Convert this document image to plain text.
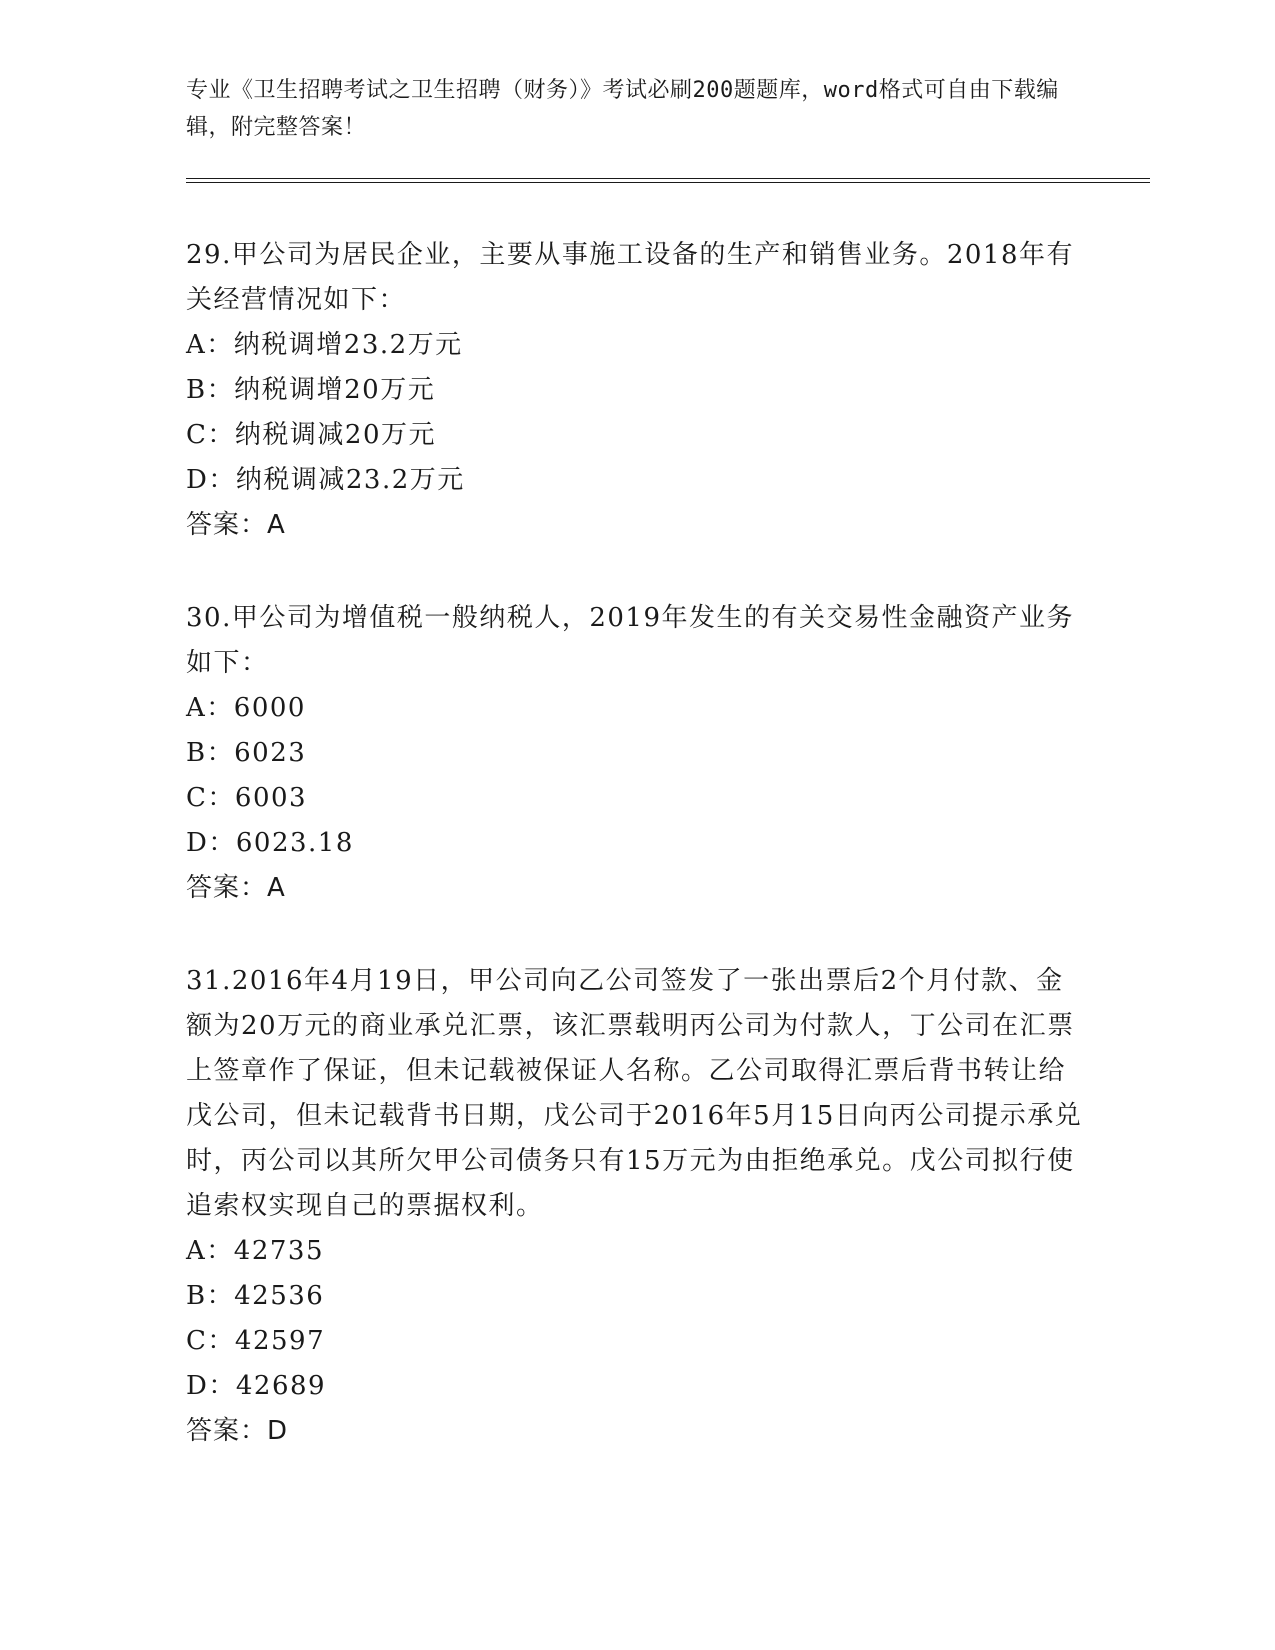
专业《卫生招聘考试之卫生招聘（财务）》考试必刷200题题库，word格式可自由下载编辑，附完整答案！

29.甲公司为居民企业，主要从事施工设备的生产和销售业务。2018年有关经营情况如下：

A：纳税调增23.2万元

B：纳税调增20万元

C：纳税调减20万元

D：纳税调减23.2万元

答案：A

30.甲公司为增值税一般纳税人，2019年发生的有关交易性金融资产业务如下：

A：6000

B：6023

C：6003

D：6023.18

答案：A

31.2016年4月19日，甲公司向乙公司签发了一张出票后2个月付款、金额为20万元的商业承兑汇票，该汇票载明丙公司为付款人，丁公司在汇票上签章作了保证，但未记载被保证人名称。乙公司取得汇票后背书转让给戊公司，但未记载背书日期，戊公司于2016年5月15日向丙公司提示承兑时，丙公司以其所欠甲公司债务只有15万元为由拒绝承兑。戊公司拟行使追索权实现自己的票据权利。

A：42735

B：42536

C：42597

D：42689

答案：D
